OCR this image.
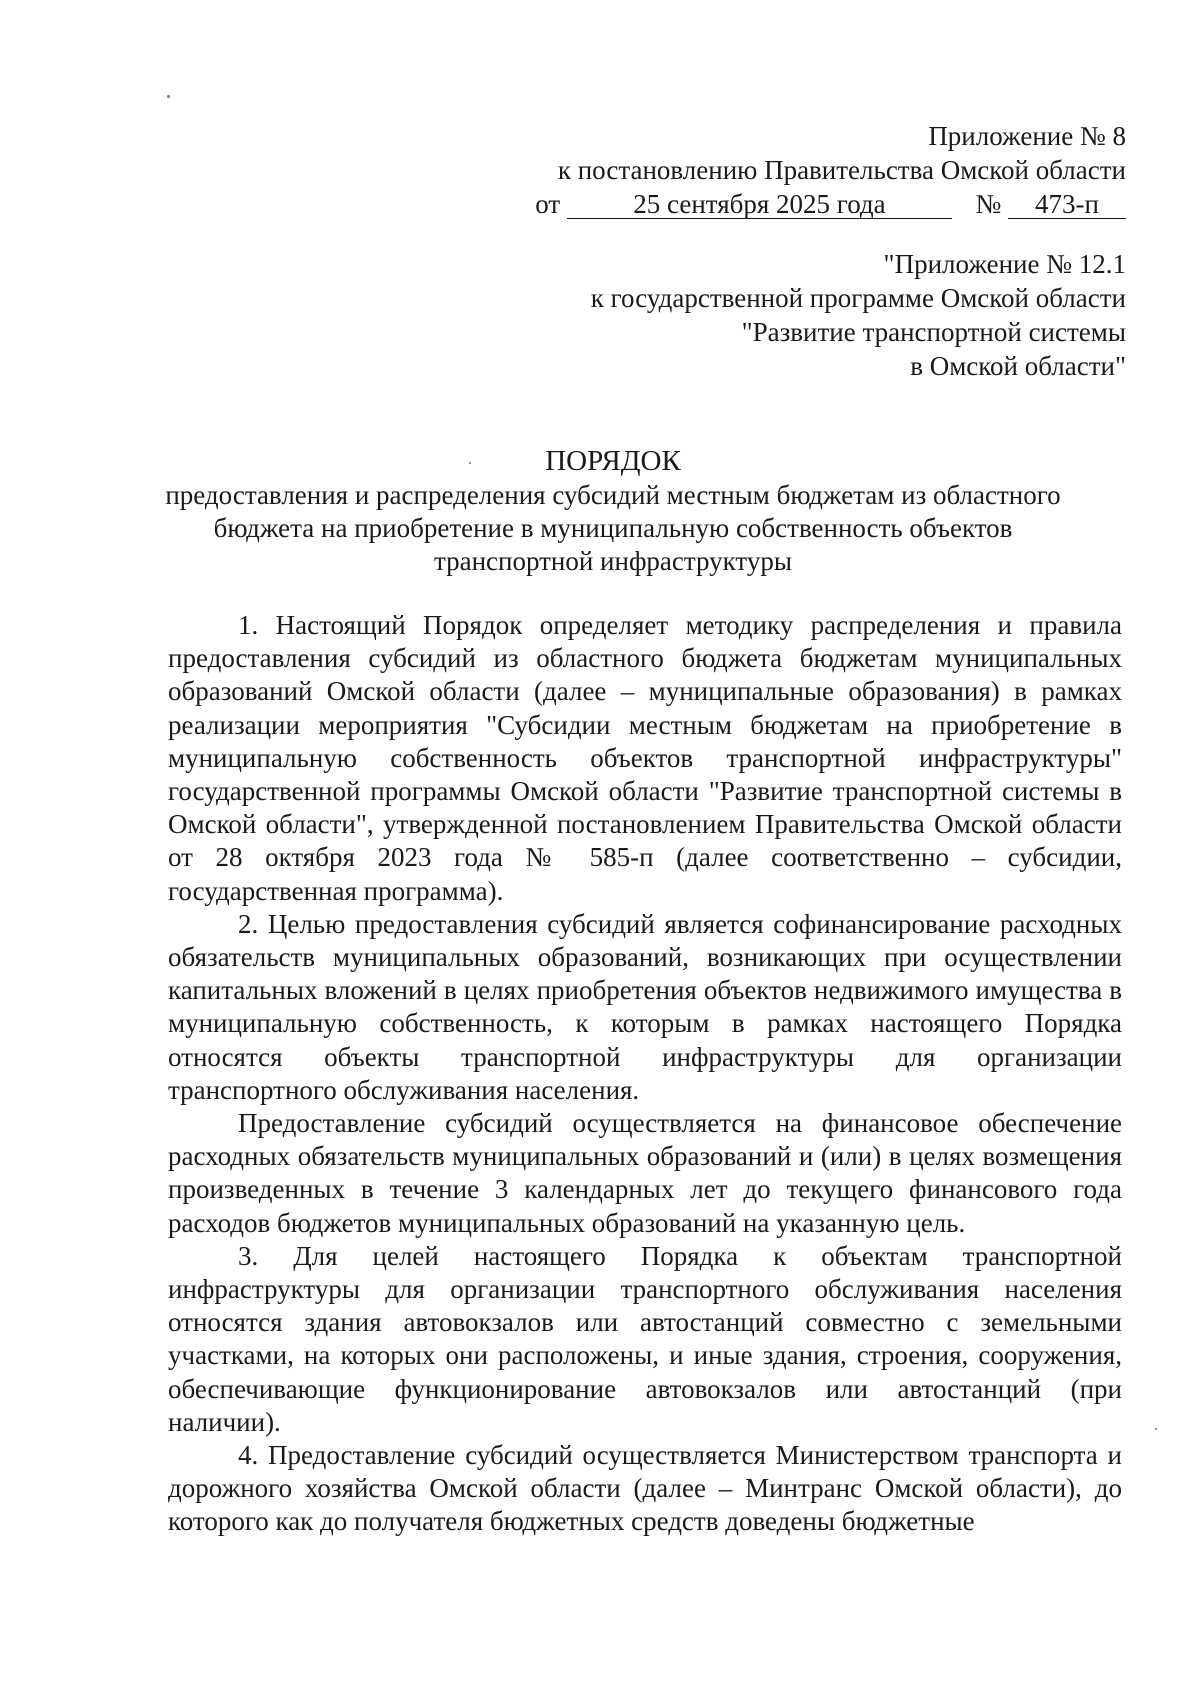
Приложение № 8
к постановлению Правительства Омской области
от	25 сентября 2025 года	№ 473-п
"Приложение № 12.1
к государственной программе Омской области
"Развитие транспортной системы
в Омской области"
ПОРЯДОК
предоставления и распределения субсидий местным бюджетам из областного
бюджета на приобретение в муниципальную собственность объектов
транспортной инфраструктуры

1. Настоящий Порядок определяет методику распределения и правила предоставления субсидий из областного бюджета бюджетам муниципальных образований Омской области (далее – муниципальные образования) в рамках реализации мероприятия "Субсидии местным бюджетам на приобретение в муниципальную собственность объектов транспортной инфраструктуры" государственной программы Омской области "Развитие транспортной системы в Омской области", утвержденной постановлением Правительства Омской области от 28 октября 2023 года № 585-п (далее соответственно – субсидии, государственная программа).

2. Целью предоставления субсидий является софинансирование расходных обязательств муниципальных образований, возникающих при осуществлении капитальных вложений в целях приобретения объектов недвижимого имущества в муниципальную собственность, к которым в рамках настоящего Порядка относятся объекты транспортной инфраструктуры для организации транспортного обслуживания населения.

Предоставление субсидий осуществляется на финансовое обеспечение расходных обязательств муниципальных образований и (или) в целях возмещения произведенных в течение 3 календарных лет до текущего финансового года расходов бюджетов муниципальных образований на указанную цель.

3. Для целей настоящего Порядка к объектам транспортной инфраструктуры для организации транспортного обслуживания населения относятся здания автовокзалов или автостанций совместно с земельными участками, на которых они расположены, и иные здания, строения, сооружения, обеспечивающие функционирование автовокзалов или автостанций (при наличии).

4. Предоставление субсидий осуществляется Министерством транспорта и дорожного хозяйства Омской области (далее – Минтранс Омской области), до которого как до получателя бюджетных средств доведены бюджетные
